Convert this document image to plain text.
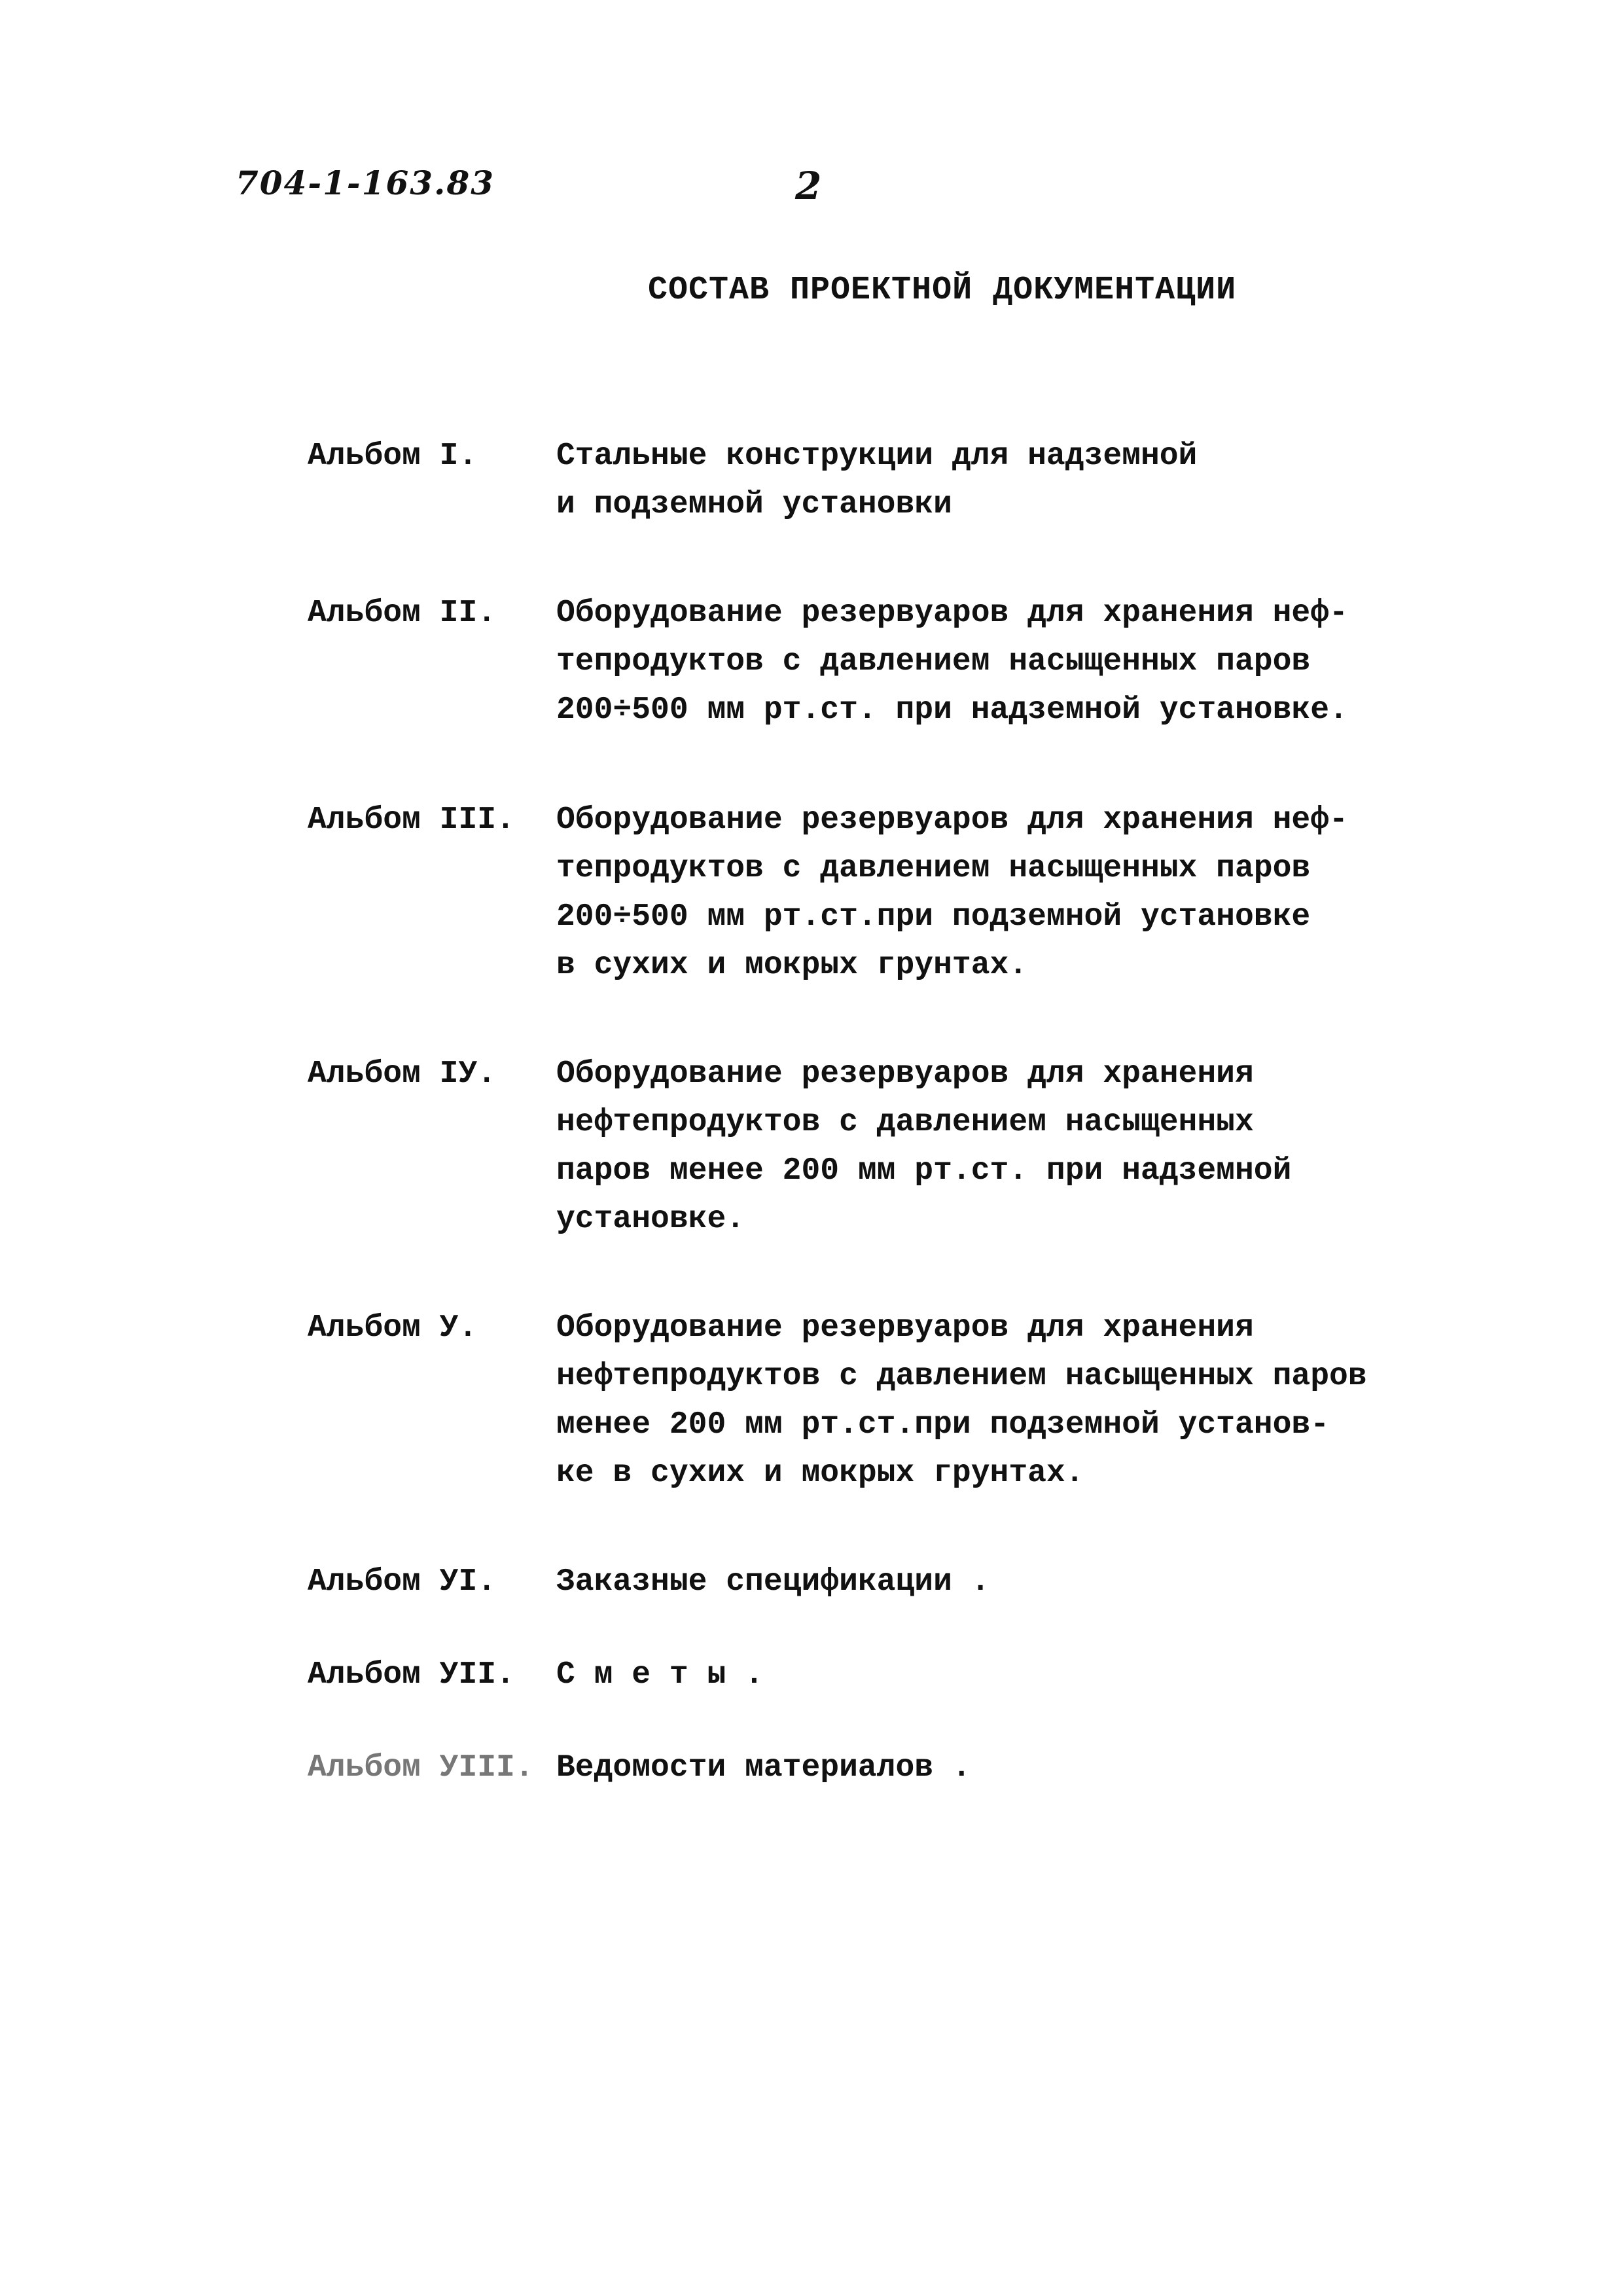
704-1-163.83	2
СОСТАВ ПРОЕКТНОЙ ДОКУМЕНТАЦИИ
Альбом I.	Стальные конструкции для надземной
и подземной установки
Альбом II.	Оборудование резервуаров для хранения неф-
тепродуктов с давлением насыщенных паров
200÷500 мм рт.ст. при надземной установке.
Альбом III.	Оборудование резервуаров для хранения неф-
тепродуктов с давлением насыщенных паров
200÷500 мм рт.ст.при подземной установке
в сухих и мокрых грунтах.
Альбом IУ.	Оборудование резервуаров для хранения
нефтепродуктов с давлением насыщенных
паров менее 200 мм рт.ст. при надземной
установке.
Альбом У.	Оборудование резервуаров для хранения
нефтепродуктов с давлением насыщенных паров
менее 200 мм рт.ст.при подземной установ-
ке в сухих и мокрых грунтах.
Альбом УI.	Заказные спецификации .
Альбом УII.	С м е т ы .
Альбом УIII. Ведомости материалов .
